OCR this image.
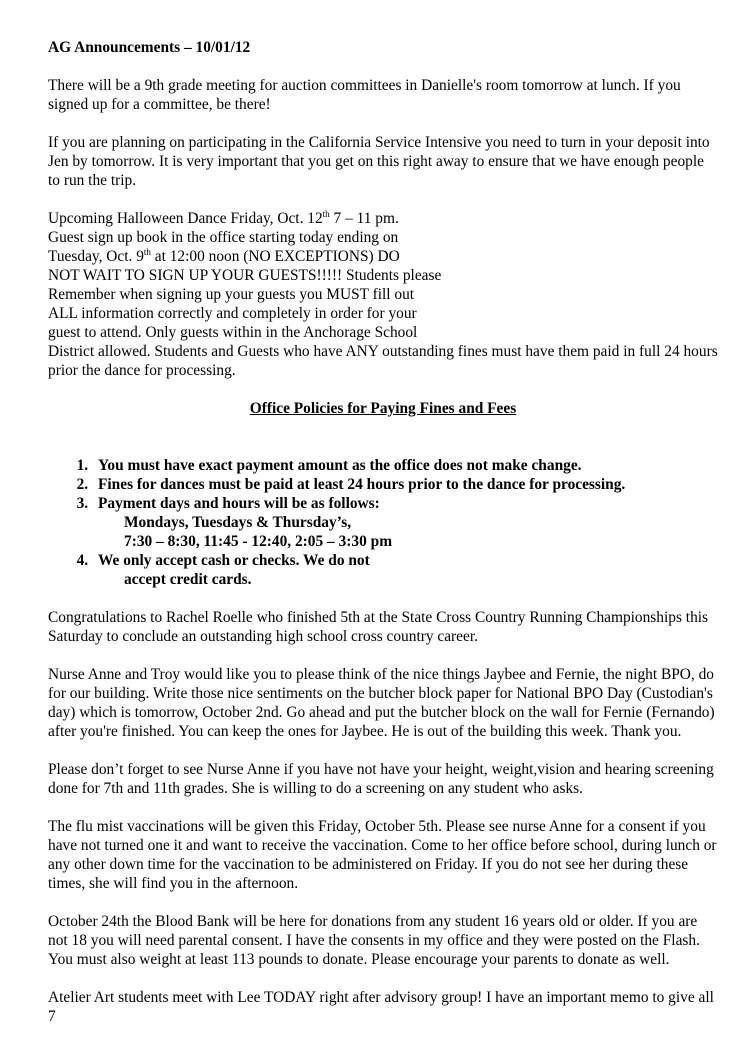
AG Announcements – 10/01/12

There will be a 9th grade meeting for auction committees in Danielle's room tomorrow at lunch. If you signed up for a committee, be there!

If you are planning on participating in the California Service Intensive you need to turn in your deposit into Jen by tomorrow. It is very important that you get on this right away to ensure that we have enough people to run the trip.

Upcoming Halloween Dance Friday, Oct. 12th 7 – 11 pm.
Guest sign up book in the office starting today ending on
Tuesday, Oct. 9th at 12:00 noon (NO EXCEPTIONS) DO
NOT WAIT TO SIGN UP YOUR GUESTS!!!!! Students please
Remember when signing up your guests you MUST fill out
ALL information correctly and completely in order for your
guest to attend. Only guests within in the Anchorage School
District allowed. Students and Guests who have ANY outstanding fines must have them paid in full 24 hours
prior the dance for processing.

Office Policies for Paying Fines and Fees
1. You must have exact payment amount as the office does not make change.
2. Fines for dances must be paid at least 24 hours prior to the dance for processing.
3. Payment days and hours will be as follows:
Mondays, Tuesdays & Thursday’s,
7:30 – 8:30, 11:45 - 12:40, 2:05 – 3:30 pm
4. We only accept cash or checks. We do not
accept credit cards.

Congratulations to Rachel Roelle who finished 5th at the State Cross Country Running Championships this Saturday to conclude an outstanding high school cross country career.

Nurse Anne and Troy would like you to please think of the nice things Jaybee and Fernie, the night BPO, do for our building. Write those nice sentiments on the butcher block paper for National BPO Day (Custodian's day) which is tomorrow, October 2nd. Go ahead and put the butcher block on the wall for Fernie (Fernando) after you're finished. You can keep the ones for Jaybee. He is out of the building this week. Thank you.

Please don’t forget to see Nurse Anne if you have not have your height, weight,vision and hearing screening done for 7th and 11th grades. She is willing to do a screening on any student who asks.

The flu mist vaccinations will be given this Friday, October 5th. Please see nurse Anne for a consent if you have not turned one it and want to receive the vaccination. Come to her office before school, during lunch or any other down time for the vaccination to be administered on Friday. If you do not see her during these times, she will find you in the afternoon.

October 24th the Blood Bank will be here for donations from any student 16 years old or older. If you are not 18 you will need parental consent. I have the consents in my office and they were posted on the Flash. You must also weight at least 113 pounds to donate. Please encourage your parents to donate as well.

Atelier Art students meet with Lee TODAY right after advisory group! I have an important memo to give all 7
